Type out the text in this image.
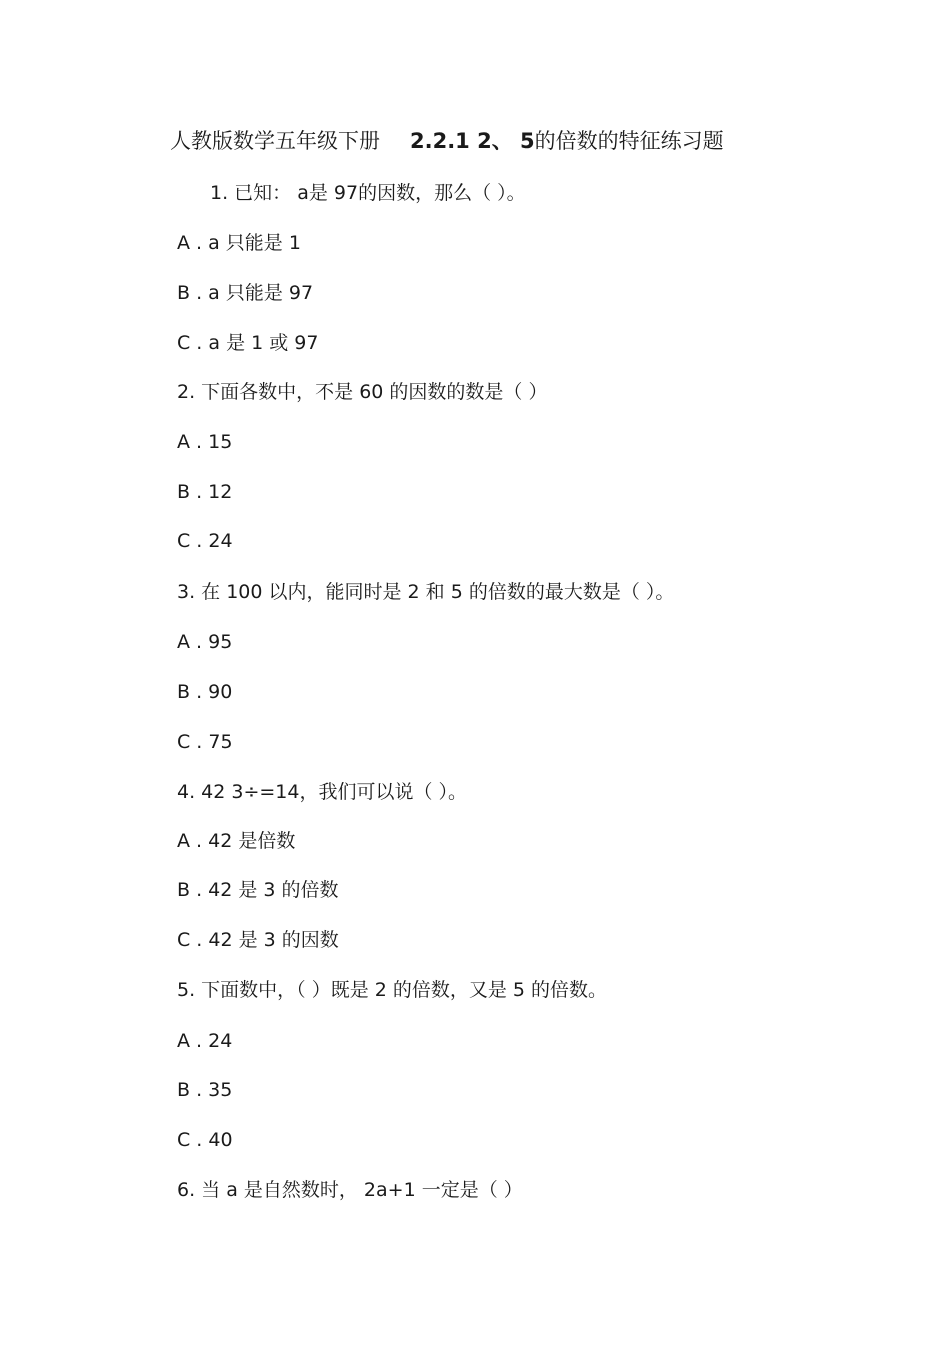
人教版数学五年级下册 2.2.1 2、 5的倍数的特征练习题
1. 已知： a是 97的因数，那么（ ）。
A . a 只能是 1
B . a 只能是 97
C . a 是 1 或 97
2. 下面各数中，不是 60 的因数的数是（ ）
A . 15
B . 12
C . 24
3. 在 100 以内，能同时是 2 和 5 的倍数的最大数是（ ）。
A . 95
B . 90
C . 75
4. 42 3÷=14，我们可以说（ ）。
A . 42 是倍数
B . 42 是 3 的倍数
C . 42 是 3 的因数
5. 下面数中，（ ）既是 2 的倍数，又是 5 的倍数。
A . 24
B . 35
C . 40
6. 当 a 是自然数时， 2a+1 一定是（ ）
